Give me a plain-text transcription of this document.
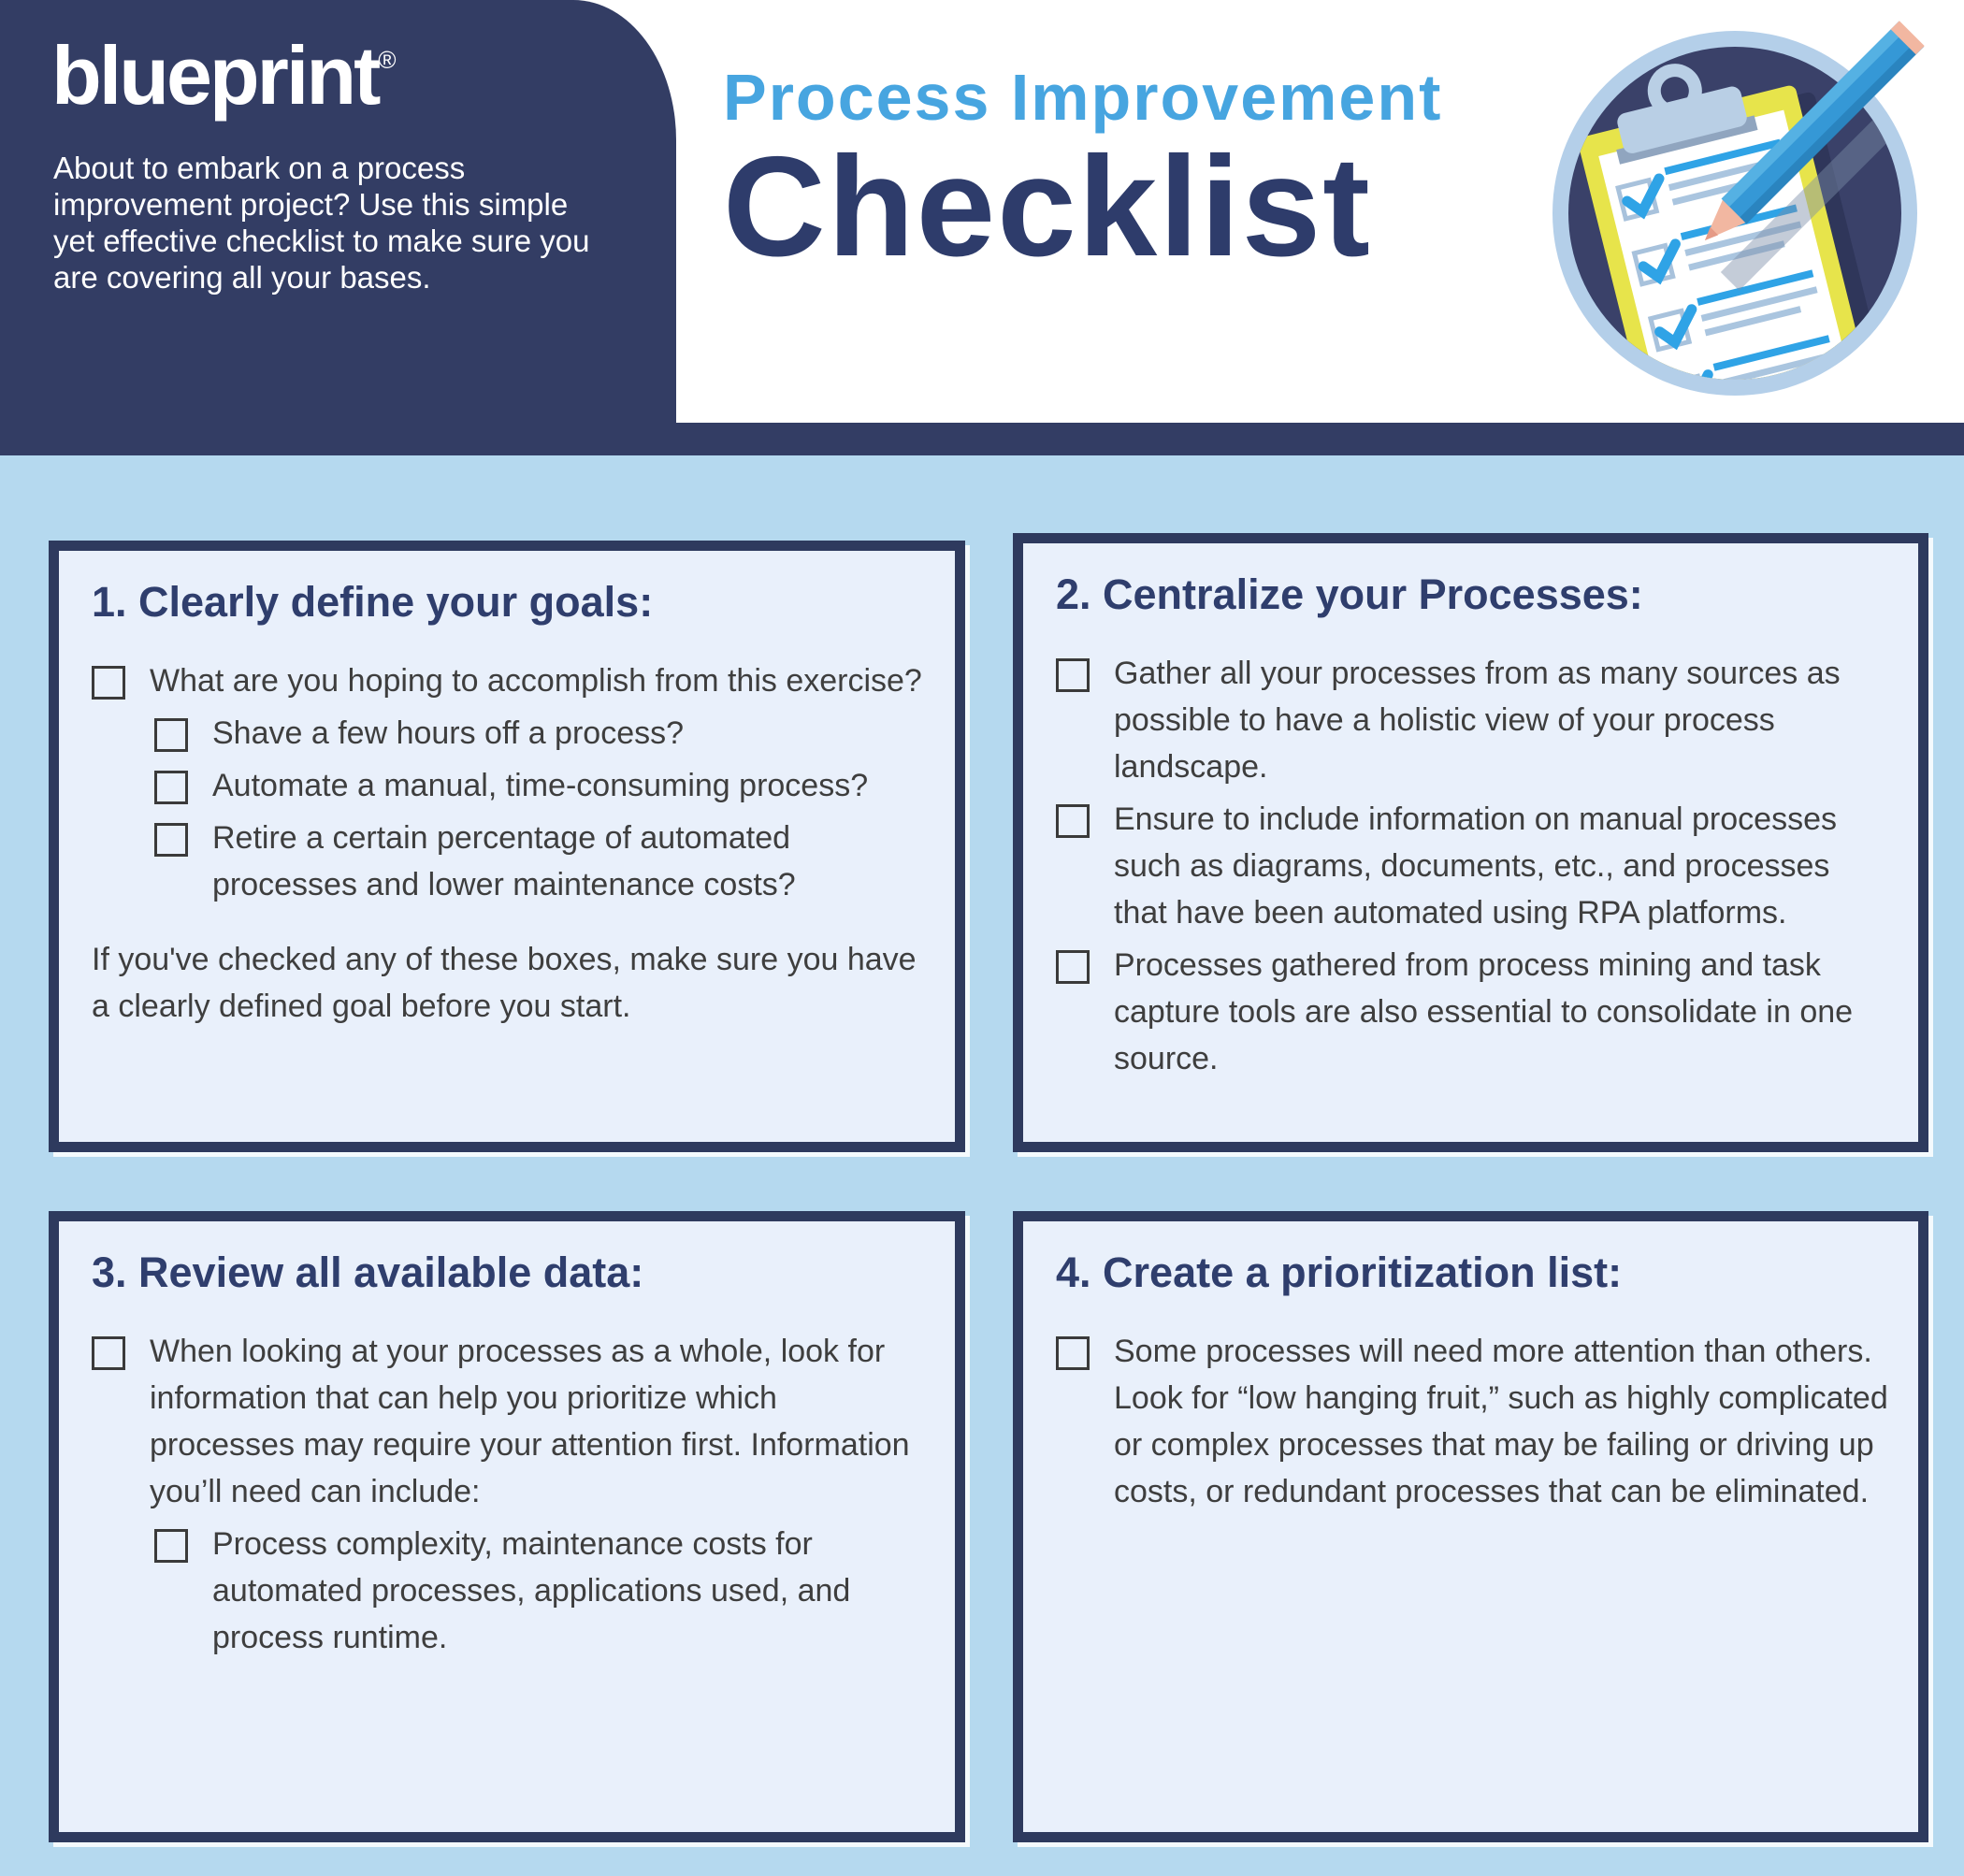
blueprint®

About to embark on a process improvement project? Use this simple yet effective checklist to make sure you are covering all your bases.

Process Improvement
Checklist
1. Clearly define your goals:
What are you hoping to accomplish from this exercise?
Shave a few hours off a process?
Automate a manual, time-consuming process?
Retire a certain percentage of automated processes and lower maintenance costs?

If you've checked any of these boxes, make sure you have a clearly defined goal before you start.

2. Centralize your Processes:
Gather all your processes from as many sources as possible to have a holistic view of your process landscape.
Ensure to include information on manual processes such as diagrams, documents, etc., and processes that have been automated using RPA platforms.
Processes gathered from process mining and task capture tools are also essential to consolidate in one source.
3. Review all available data:
When looking at your processes as a whole, look for information that can help you prioritize which processes may require your attention first. Information you’ll need can include:
Process complexity, maintenance costs for automated processes, applications used, and process runtime.
4. Create a prioritization list:
Some processes will need more attention than others. Look for “low hanging fruit,” such as highly complicated or complex processes that may be failing or driving up costs, or redundant processes that can be eliminated.
